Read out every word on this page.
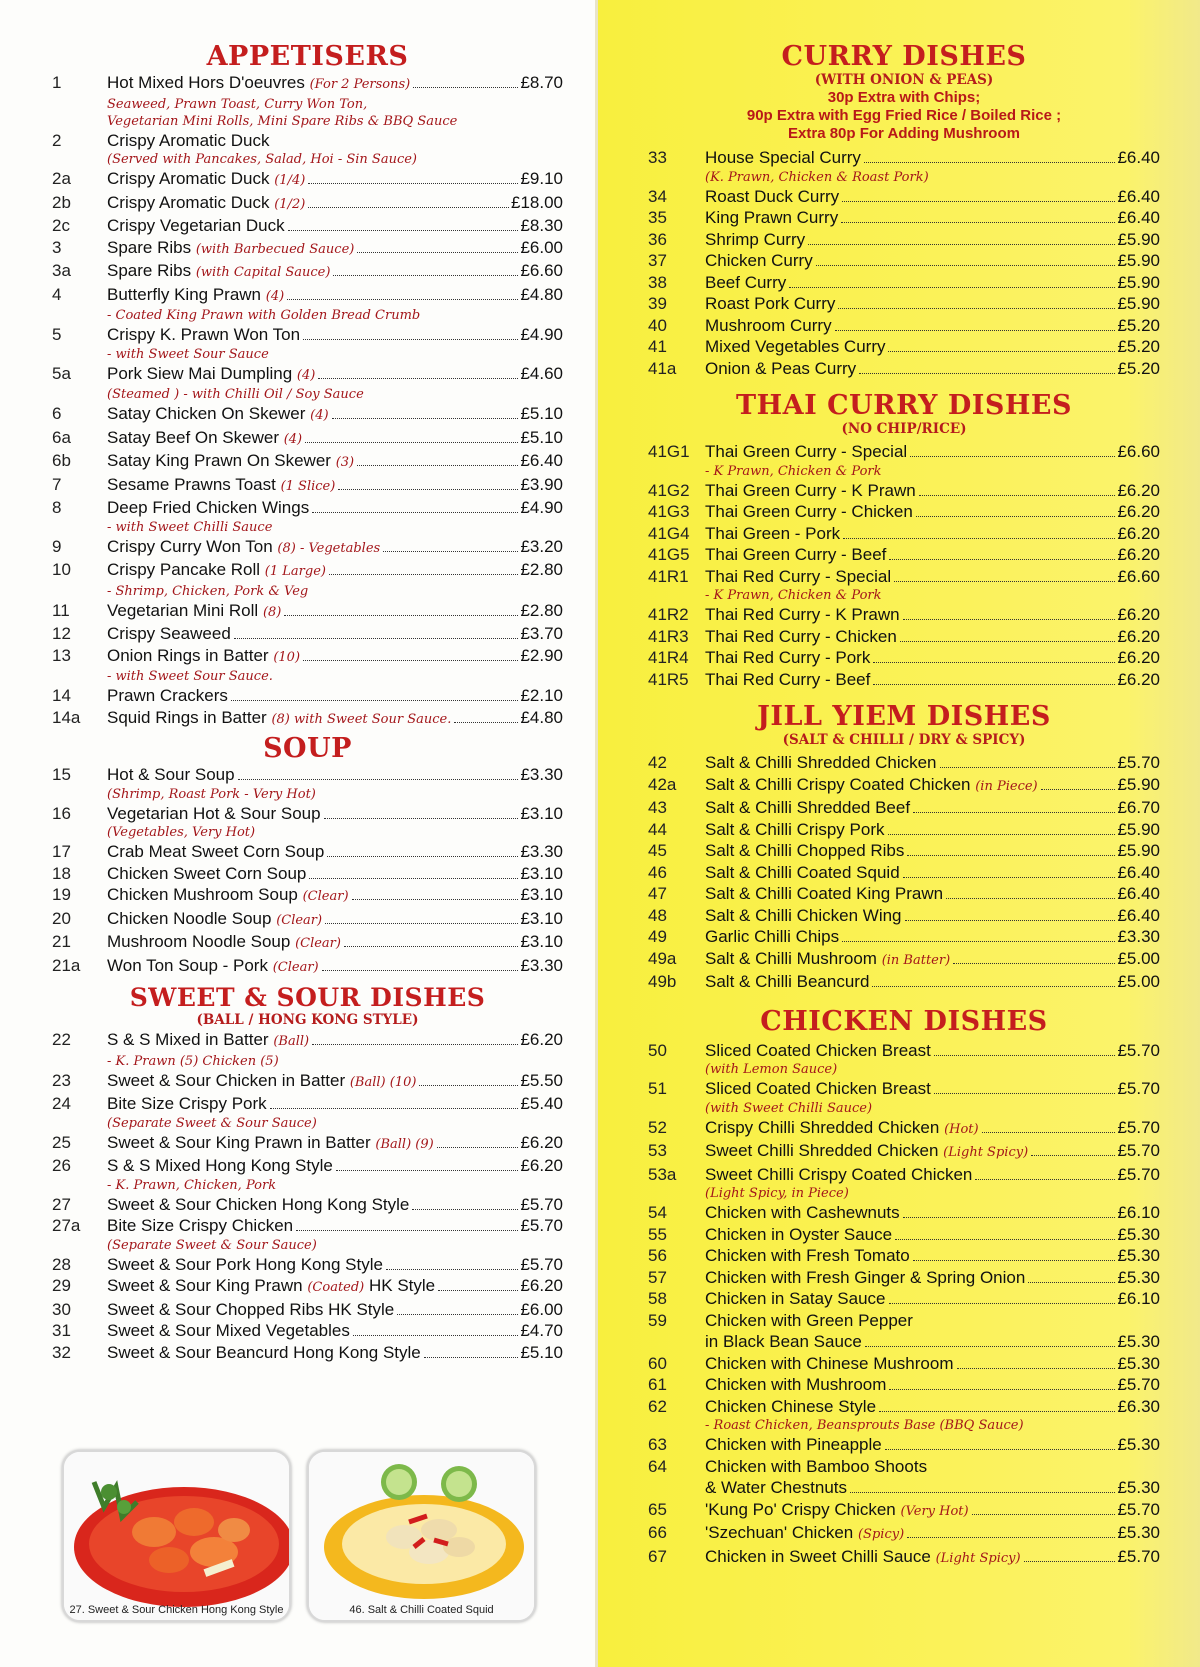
APPETISERS
1	Hot Mixed Hors D'oeuvres (For 2 Persons)	£8.70
Seaweed, Prawn Toast, Curry Won Ton,
Vegetarian Mini Rolls, Mini Spare Ribs & BBQ Sauce
2	Crispy Aromatic Duck
(Served with Pancakes, Salad, Hoi - Sin Sauce)
2a	Crispy Aromatic Duck (1/4)	£9.10
2b	Crispy Aromatic Duck (1/2)	£18.00
2c	Crispy Vegetarian Duck	£8.30
3	Spare Ribs (with Barbecued Sauce)	£6.00
3a	Spare Ribs (with Capital Sauce)	£6.60
4	Butterfly King Prawn (4)	£4.80
- Coated King Prawn with Golden Bread Crumb
5	Crispy K. Prawn Won Ton	£4.90
- with Sweet Sour Sauce
5a	Pork Siew Mai Dumpling (4)	£4.60
(Steamed ) - with Chilli Oil / Soy Sauce
6	Satay Chicken On Skewer (4)	£5.10
6a	Satay Beef On Skewer (4)	£5.10
6b	Satay King Prawn On Skewer (3)	£6.40
7	Sesame Prawns Toast (1 Slice)	£3.90
8	Deep Fried Chicken Wings	£4.90
- with Sweet Chilli Sauce
9	Crispy Curry Won Ton (8) - Vegetables	£3.20
10	Crispy Pancake Roll (1 Large)	£2.80
- Shrimp, Chicken, Pork & Veg
11	Vegetarian Mini Roll (8)	£2.80
12	Crispy Seaweed	£3.70
13	Onion Rings in Batter (10)	£2.90
- with Sweet Sour Sauce.
14	Prawn Crackers	£2.10
14a	Squid Rings in Batter (8) with Sweet Sour Sauce.	£4.80
SOUP
15	Hot & Sour Soup	£3.30
(Shrimp, Roast Pork - Very Hot)
16	Vegetarian Hot & Sour Soup	£3.10
(Vegetables, Very Hot)
17	Crab Meat Sweet Corn Soup	£3.30
18	Chicken Sweet Corn Soup	£3.10
19	Chicken Mushroom Soup (Clear)	£3.10
20	Chicken Noodle Soup (Clear)	£3.10
21	Mushroom Noodle Soup (Clear)	£3.10
21a	Won Ton Soup - Pork (Clear)	£3.30
SWEET & SOUR DISHES
(BALL / HONG KONG STYLE)
22	S & S Mixed in Batter (Ball)	£6.20
- K. Prawn (5) Chicken (5)
23	Sweet & Sour Chicken in Batter (Ball) (10)	£5.50
24	Bite Size Crispy Pork	£5.40
(Separate Sweet & Sour Sauce)
25	Sweet & Sour King Prawn in Batter (Ball) (9)	£6.20
26	S & S Mixed Hong Kong Style	£6.20
- K. Prawn, Chicken, Pork
27	Sweet & Sour Chicken Hong Kong Style	£5.70
27a	Bite Size Crispy Chicken	£5.70
(Separate Sweet & Sour Sauce)
28	Sweet & Sour Pork Hong Kong Style	£5.70
29	Sweet & Sour King Prawn (Coated) HK Style	£6.20
30	Sweet & Sour Chopped Ribs HK Style	£6.00
31	Sweet & Sour Mixed Vegetables	£4.70
32	Sweet & Sour Beancurd Hong Kong Style	£5.10
27. Sweet & Sour Chicken Hong Kong Style	46. Salt & Chilli Coated Squid
CURRY DISHES
(WITH ONION & PEAS)
30p Extra with Chips;
90p Extra with Egg Fried Rice / Boiled Rice ;
Extra 80p For Adding Mushroom
33	House Special Curry	£6.40
(K. Prawn, Chicken & Roast Pork)
34	Roast Duck Curry	£6.40
35	King Prawn Curry	£6.40
36	Shrimp Curry	£5.90
37	Chicken Curry	£5.90
38	Beef Curry	£5.90
39	Roast Pork Curry	£5.90
40	Mushroom Curry	£5.20
41	Mixed Vegetables Curry	£5.20
41a	Onion & Peas Curry	£5.20
THAI CURRY DISHES
(NO CHIP/RICE)
41G1 Thai Green Curry - Special	£6.60
- K Prawn, Chicken & Pork
41G2 Thai Green Curry - K Prawn	£6.20
41G3 Thai Green Curry - Chicken	£6.20
41G4 Thai Green - Pork	£6.20
41G5 Thai Green Curry - Beef	£6.20
41R1 Thai Red Curry - Special	£6.60
- K Prawn, Chicken & Pork
41R2 Thai Red Curry - K Prawn	£6.20
41R3 Thai Red Curry - Chicken	£6.20
41R4 Thai Red Curry - Pork	£6.20
41R5 Thai Red Curry - Beef	£6.20
JILL YIEM DISHES
(SALT & CHILLI / DRY & SPICY)
42	Salt & Chilli Shredded Chicken	£5.70
42a	Salt & Chilli Crispy Coated Chicken (in Piece)	£5.90
43	Salt & Chilli Shredded Beef	£6.70
44	Salt & Chilli Crispy Pork	£5.90
45	Salt & Chilli Chopped Ribs	£5.90
46	Salt & Chilli Coated Squid	£6.40
47	Salt & Chilli Coated King Prawn	£6.40
48	Salt & Chilli Chicken Wing	£6.40
49	Garlic Chilli Chips	£3.30
49a	Salt & Chilli Mushroom (in Batter)	£5.00
49b	Salt & Chilli Beancurd	£5.00
CHICKEN DISHES
50	Sliced Coated Chicken Breast	£5.70
(with Lemon Sauce)
51	Sliced Coated Chicken Breast	£5.70
(with Sweet Chilli Sauce)
52	Crispy Chilli Shredded Chicken (Hot)	£5.70
53	Sweet Chilli Shredded Chicken (Light Spicy)	£5.70
53a	Sweet Chilli Crispy Coated Chicken	£5.70
(Light Spicy, in Piece)
54	Chicken with Cashewnuts	£6.10
55	Chicken in Oyster Sauce	£5.30
56	Chicken with Fresh Tomato	£5.30
57	Chicken with Fresh Ginger & Spring Onion	£5.30
58	Chicken in Satay Sauce	£6.10
59	Chicken with Green Pepper
in Black Bean Sauce	£5.30
60	Chicken with Chinese Mushroom	£5.30
61	Chicken with Mushroom	£5.70
62	Chicken Chinese Style	£6.30
- Roast Chicken, Beansprouts Base (BBQ Sauce)
63	Chicken with Pineapple	£5.30
64	Chicken with Bamboo Shoots
& Water Chestnuts	£5.30
65	'Kung Po' Crispy Chicken (Very Hot)	£5.70
66	'Szechuan' Chicken (Spicy)	£5.30
67	Chicken in Sweet Chilli Sauce (Light Spicy)	£5.70
